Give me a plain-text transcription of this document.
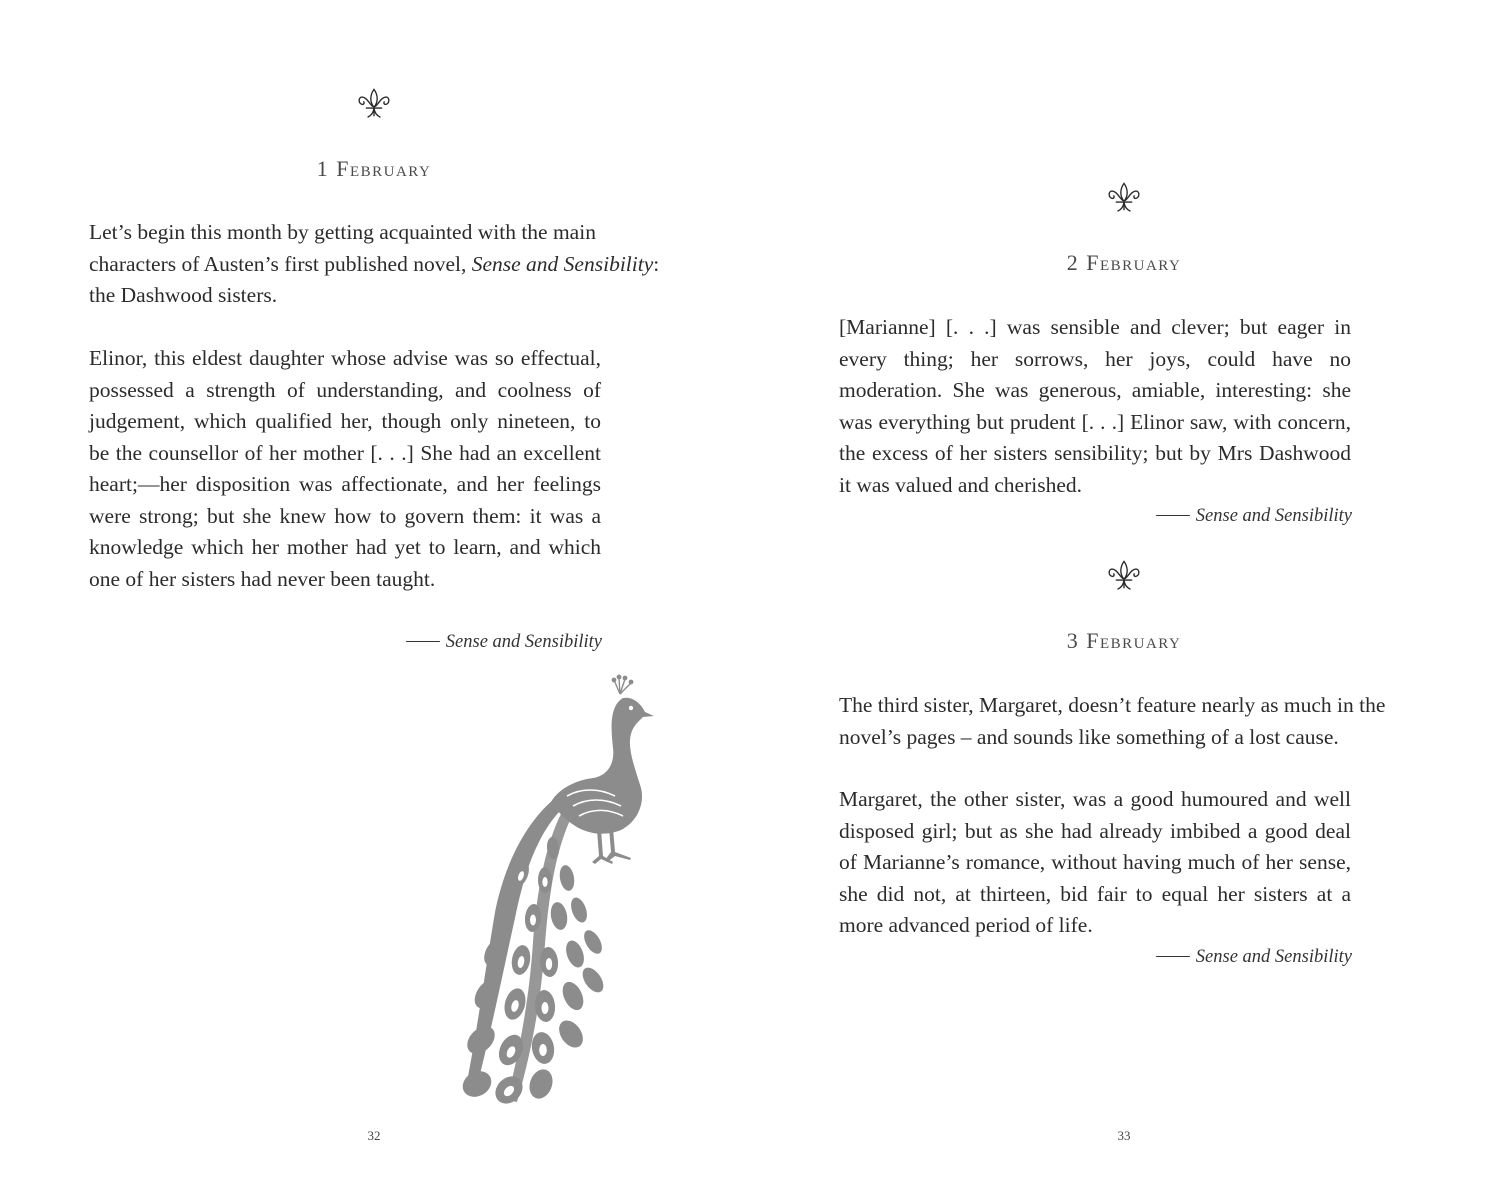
1 February

Let’s begin this month by getting acquainted with the main characters of Austen’s first published novel, Sense and Sensibility: the Dashwood sisters.

Elinor, this eldest daughter whose advise was so effectual, possessed a strength of understanding, and coolness of judgement, which qualified her, though only nineteen, to be the counsellor of her mother [. . .] She had an excellent heart;—her disposition was affectionate, and her feelings were strong; but she knew how to govern them: it was a knowledge which her mother had yet to learn, and which one of her sisters had never been taught.

Sense and Sensibility

32
2 February

[Marianne] [. . .] was sensible and clever; but eager in every thing; her sorrows, her joys, could have no moderation. She was generous, amiable, interesting: she was everything but prudent [. . .] Elinor saw, with concern, the excess of her sisters sensibility; but by Mrs Dashwood it was valued and cherished.

Sense and Sensibility

3 February

The third sister, Margaret, doesn’t feature nearly as much in the novel’s pages – and sounds like something of a lost cause.

Margaret, the other sister, was a good humoured and well disposed girl; but as she had already imbibed a good deal of Marianne’s romance, without having much of her sense, she did not, at thirteen, bid fair to equal her sisters at a more advanced period of life.

Sense and Sensibility

33
